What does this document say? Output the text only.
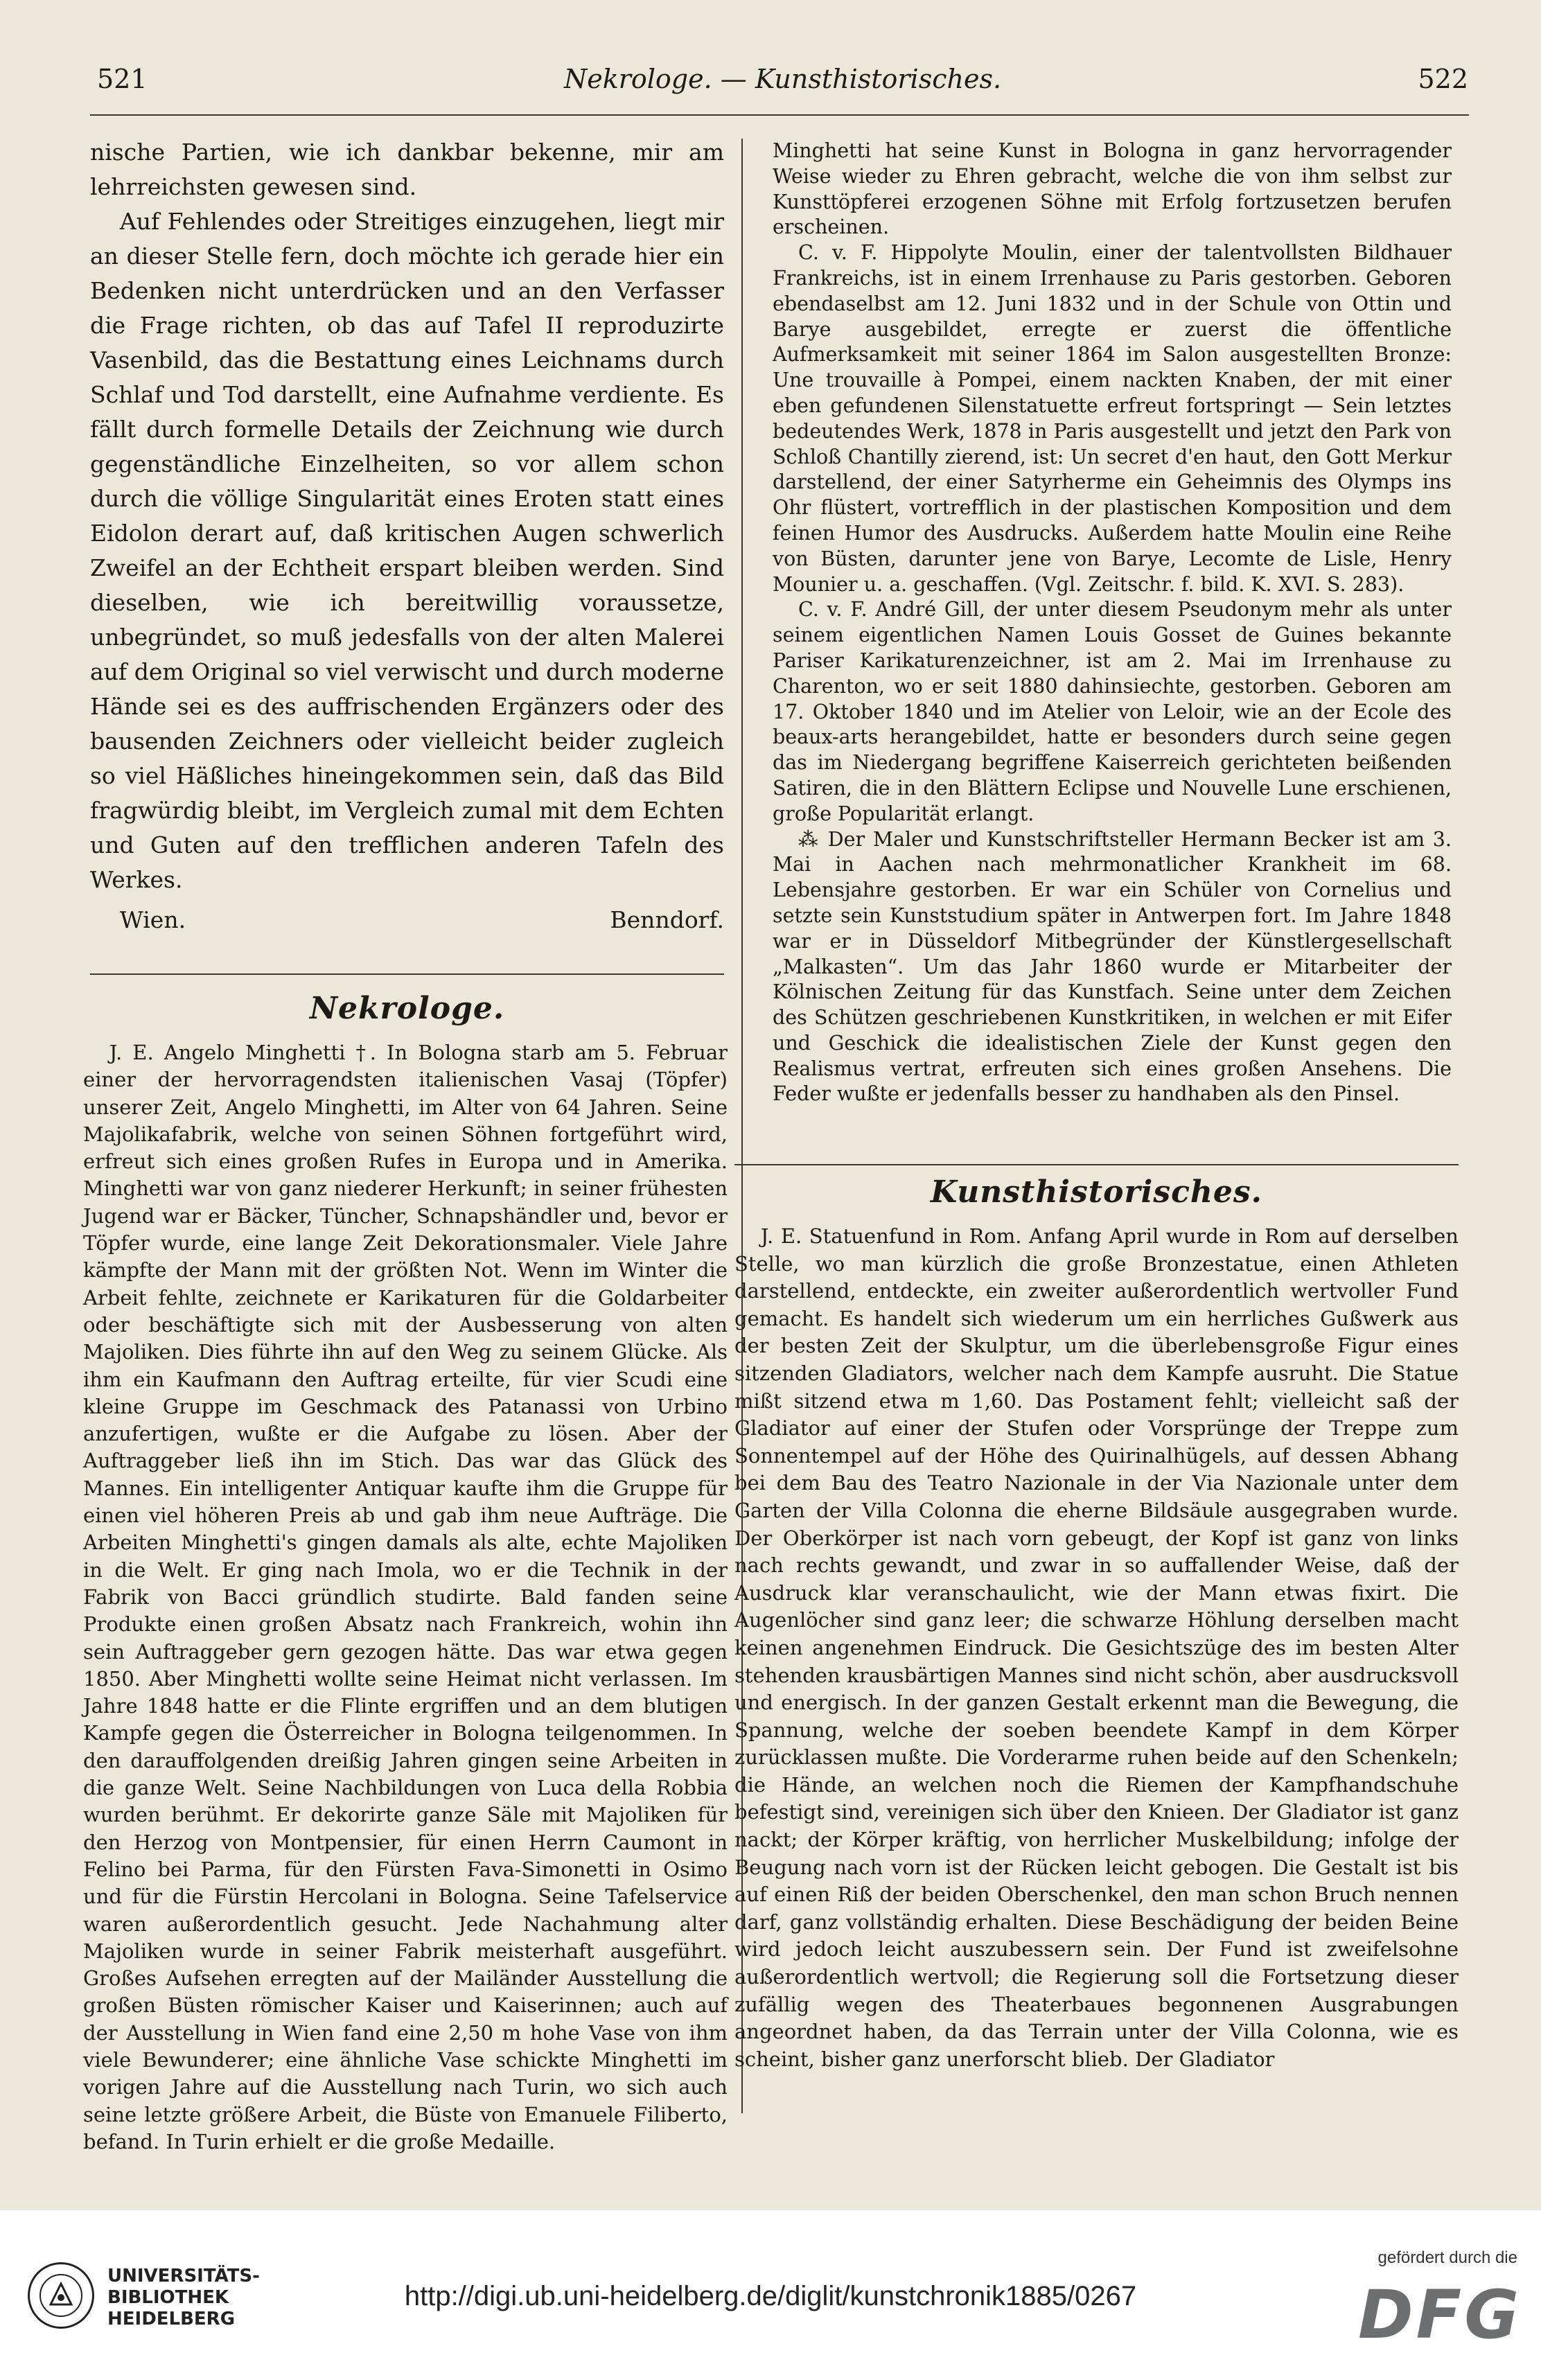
521	Nekrologe. — Kunsthistorisches.	522

nische Partien, wie ich dankbar bekenne, mir am lehrreichsten gewesen sind.

Auf Fehlendes oder Streitiges einzugehen, liegt mir an dieser Stelle fern, doch möchte ich gerade hier ein Bedenken nicht unterdrücken und an den Verfasser die Frage richten, ob das auf Tafel II reproduzirte Vasenbild, das die Bestattung eines Leichnams durch Schlaf und Tod darstellt, eine Aufnahme verdiente. Es fällt durch formelle Details der Zeichnung wie durch gegenständliche Einzelheiten, so vor allem schon durch die völlige Singularität eines Eroten statt eines Eidolon derart auf, daß kritischen Augen schwerlich Zweifel an der Echtheit erspart bleiben werden. Sind dieselben, wie ich bereitwillig voraussetze, unbegründet, so muß jedesfalls von der alten Malerei auf dem Original so viel verwischt und durch moderne Hände sei es des auffrischenden Ergänzers oder des bausenden Zeichners oder vielleicht beider zugleich so viel Häßliches hineingekommen sein, daß das Bild fragwürdig bleibt, im Vergleich zumal mit dem Echten und Guten auf den trefflichen anderen Tafeln des Werkes.

Wien.	Benndorf.
Nekrologe.

J. E. Angelo Minghetti †. In Bologna starb am 5. Februar einer der hervorragendsten italienischen Vasaj (Töpfer) unserer Zeit, Angelo Minghetti, im Alter von 64 Jahren. Seine Majolikafabrik, welche von seinen Söhnen fortgeführt wird, erfreut sich eines großen Rufes in Europa und in Amerika. Minghetti war von ganz niederer Herkunft; in seiner frühesten Jugend war er Bäcker, Tüncher, Schnapshändler und, bevor er Töpfer wurde, eine lange Zeit Dekorationsmaler. Viele Jahre kämpfte der Mann mit der größten Not. Wenn im Winter die Arbeit fehlte, zeichnete er Karikaturen für die Goldarbeiter oder beschäftigte sich mit der Ausbesserung von alten Majoliken. Dies führte ihn auf den Weg zu seinem Glücke. Als ihm ein Kaufmann den Auftrag erteilte, für vier Scudi eine kleine Gruppe im Geschmack des Patanassi von Urbino anzufertigen, wußte er die Aufgabe zu lösen. Aber der Auftraggeber ließ ihn im Stich. Das war das Glück des Mannes. Ein intelligenter Antiquar kaufte ihm die Gruppe für einen viel höheren Preis ab und gab ihm neue Aufträge. Die Arbeiten Minghetti's gingen damals als alte, echte Majoliken in die Welt. Er ging nach Imola, wo er die Technik in der Fabrik von Bacci gründlich studirte. Bald fanden seine Produkte einen großen Absatz nach Frankreich, wohin ihn sein Auftraggeber gern gezogen hätte. Das war etwa gegen 1850. Aber Minghetti wollte seine Heimat nicht verlassen. Im Jahre 1848 hatte er die Flinte ergriffen und an dem blutigen Kampfe gegen die Österreicher in Bologna teilgenommen. In den darauffolgenden dreißig Jahren gingen seine Arbeiten in die ganze Welt. Seine Nachbildungen von Luca della Robbia wurden berühmt. Er dekorirte ganze Säle mit Majoliken für den Herzog von Montpensier, für einen Herrn Caumont in Felino bei Parma, für den Fürsten Fava-Simonetti in Osimo und für die Fürstin Hercolani in Bologna. Seine Tafelservice waren außerordentlich gesucht. Jede Nachahmung alter Majoliken wurde in seiner Fabrik meisterhaft ausgeführt. Großes Aufsehen erregten auf der Mailänder Ausstellung die großen Büsten römischer Kaiser und Kaiserinnen; auch auf der Ausstellung in Wien fand eine 2,50 m hohe Vase von ihm viele Bewunderer; eine ähnliche Vase schickte Minghetti im vorigen Jahre auf die Ausstellung nach Turin, wo sich auch seine letzte größere Arbeit, die Büste von Emanuele Filiberto, befand. In Turin erhielt er die große Medaille.

Minghetti hat seine Kunst in Bologna in ganz hervorragender Weise wieder zu Ehren gebracht, welche die von ihm selbst zur Kunsttöpferei erzogenen Söhne mit Erfolg fortzusetzen berufen erscheinen.

C. v. F. Hippolyte Moulin, einer der talentvollsten Bildhauer Frankreichs, ist in einem Irrenhause zu Paris gestorben. Geboren ebendaselbst am 12. Juni 1832 und in der Schule von Ottin und Barye ausgebildet, erregte er zuerst die öffentliche Aufmerksamkeit mit seiner 1864 im Salon ausgestellten Bronze: Une trouvaille à Pompei, einem nackten Knaben, der mit einer eben gefundenen Silenstatuette erfreut fortspringt — Sein letztes bedeutendes Werk, 1878 in Paris ausgestellt und jetzt den Park von Schloß Chantilly zierend, ist: Un secret d'en haut, den Gott Merkur darstellend, der einer Satyrherme ein Geheimnis des Olymps ins Ohr flüstert, vortrefflich in der plastischen Komposition und dem feinen Humor des Ausdrucks. Außerdem hatte Moulin eine Reihe von Büsten, darunter jene von Barye, Lecomte de Lisle, Henry Mounier u. a. geschaffen. (Vgl. Zeitschr. f. bild. K. XVI. S. 283).

C. v. F. André Gill, der unter diesem Pseudonym mehr als unter seinem eigentlichen Namen Louis Gosset de Guines bekannte Pariser Karikaturenzeichner, ist am 2. Mai im Irrenhause zu Charenton, wo er seit 1880 dahinsiechte, gestorben. Geboren am 17. Oktober 1840 und im Atelier von Leloir, wie an der Ecole des beaux-arts herangebildet, hatte er besonders durch seine gegen das im Niedergang begriffene Kaiserreich gerichteten beißenden Satiren, die in den Blättern Eclipse und Nouvelle Lune erschienen, große Popularität erlangt.

⁂ Der Maler und Kunstschriftsteller Hermann Becker ist am 3. Mai in Aachen nach mehrmonatlicher Krankheit im 68. Lebensjahre gestorben. Er war ein Schüler von Cornelius und setzte sein Kunststudium später in Antwerpen fort. Im Jahre 1848 war er in Düsseldorf Mitbegründer der Künstlergesellschaft „Malkasten“. Um das Jahr 1860 wurde er Mitarbeiter der Kölnischen Zeitung für das Kunstfach. Seine unter dem Zeichen des Schützen geschriebenen Kunstkritiken, in welchen er mit Eifer und Geschick die idealistischen Ziele der Kunst gegen den Realismus vertrat, erfreuten sich eines großen Ansehens. Die Feder wußte er jedenfalls besser zu handhaben als den Pinsel.

Kunsthistorisches.

J. E. Statuenfund in Rom. Anfang April wurde in Rom auf derselben Stelle, wo man kürzlich die große Bronzestatue, einen Athleten darstellend, entdeckte, ein zweiter außerordentlich wertvoller Fund gemacht. Es handelt sich wiederum um ein herrliches Gußwerk aus der besten Zeit der Skulptur, um die überlebensgroße Figur eines sitzenden Gladiators, welcher nach dem Kampfe ausruht. Die Statue mißt sitzend etwa m 1,60. Das Postament fehlt; vielleicht saß der Gladiator auf einer der Stufen oder Vorsprünge der Treppe zum Sonnentempel auf der Höhe des Quirinalhügels, auf dessen Abhang bei dem Bau des Teatro Nazionale in der Via Nazionale unter dem Garten der Villa Colonna die eherne Bildsäule ausgegraben wurde. Der Oberkörper ist nach vorn gebeugt, der Kopf ist ganz von links nach rechts gewandt, und zwar in so auffallender Weise, daß der Ausdruck klar veranschaulicht, wie der Mann etwas fixirt. Die Augenlöcher sind ganz leer; die schwarze Höhlung derselben macht keinen angenehmen Eindruck. Die Gesichtszüge des im besten Alter stehenden krausbärtigen Mannes sind nicht schön, aber ausdrucksvoll und energisch. In der ganzen Gestalt erkennt man die Bewegung, die Spannung, welche der soeben beendete Kampf in dem Körper zurücklassen mußte. Die Vorderarme ruhen beide auf den Schenkeln; die Hände, an welchen noch die Riemen der Kampfhandschuhe befestigt sind, vereinigen sich über den Knieen. Der Gladiator ist ganz nackt; der Körper kräftig, von herrlicher Muskelbildung; infolge der Beugung nach vorn ist der Rücken leicht gebogen. Die Gestalt ist bis auf einen Riß der beiden Oberschenkel, den man schon Bruch nennen darf, ganz vollständig erhalten. Diese Beschädigung der beiden Beine wird jedoch leicht auszubessern sein. Der Fund ist zweifelsohne außerordentlich wertvoll; die Regierung soll die Fortsetzung dieser zufällig wegen des Theaterbaues begonnenen Ausgrabungen angeordnet haben, da das Terrain unter der Villa Colonna, wie es scheint, bisher ganz unerforscht blieb. Der Gladiator

UNIVERSITÄTS-
BIBLIOTHEK
HEIDELBERG
http://digi.ub.uni-heidelberg.de/diglit/kunstchronik1885/0267
gefördert durch die
DFG
